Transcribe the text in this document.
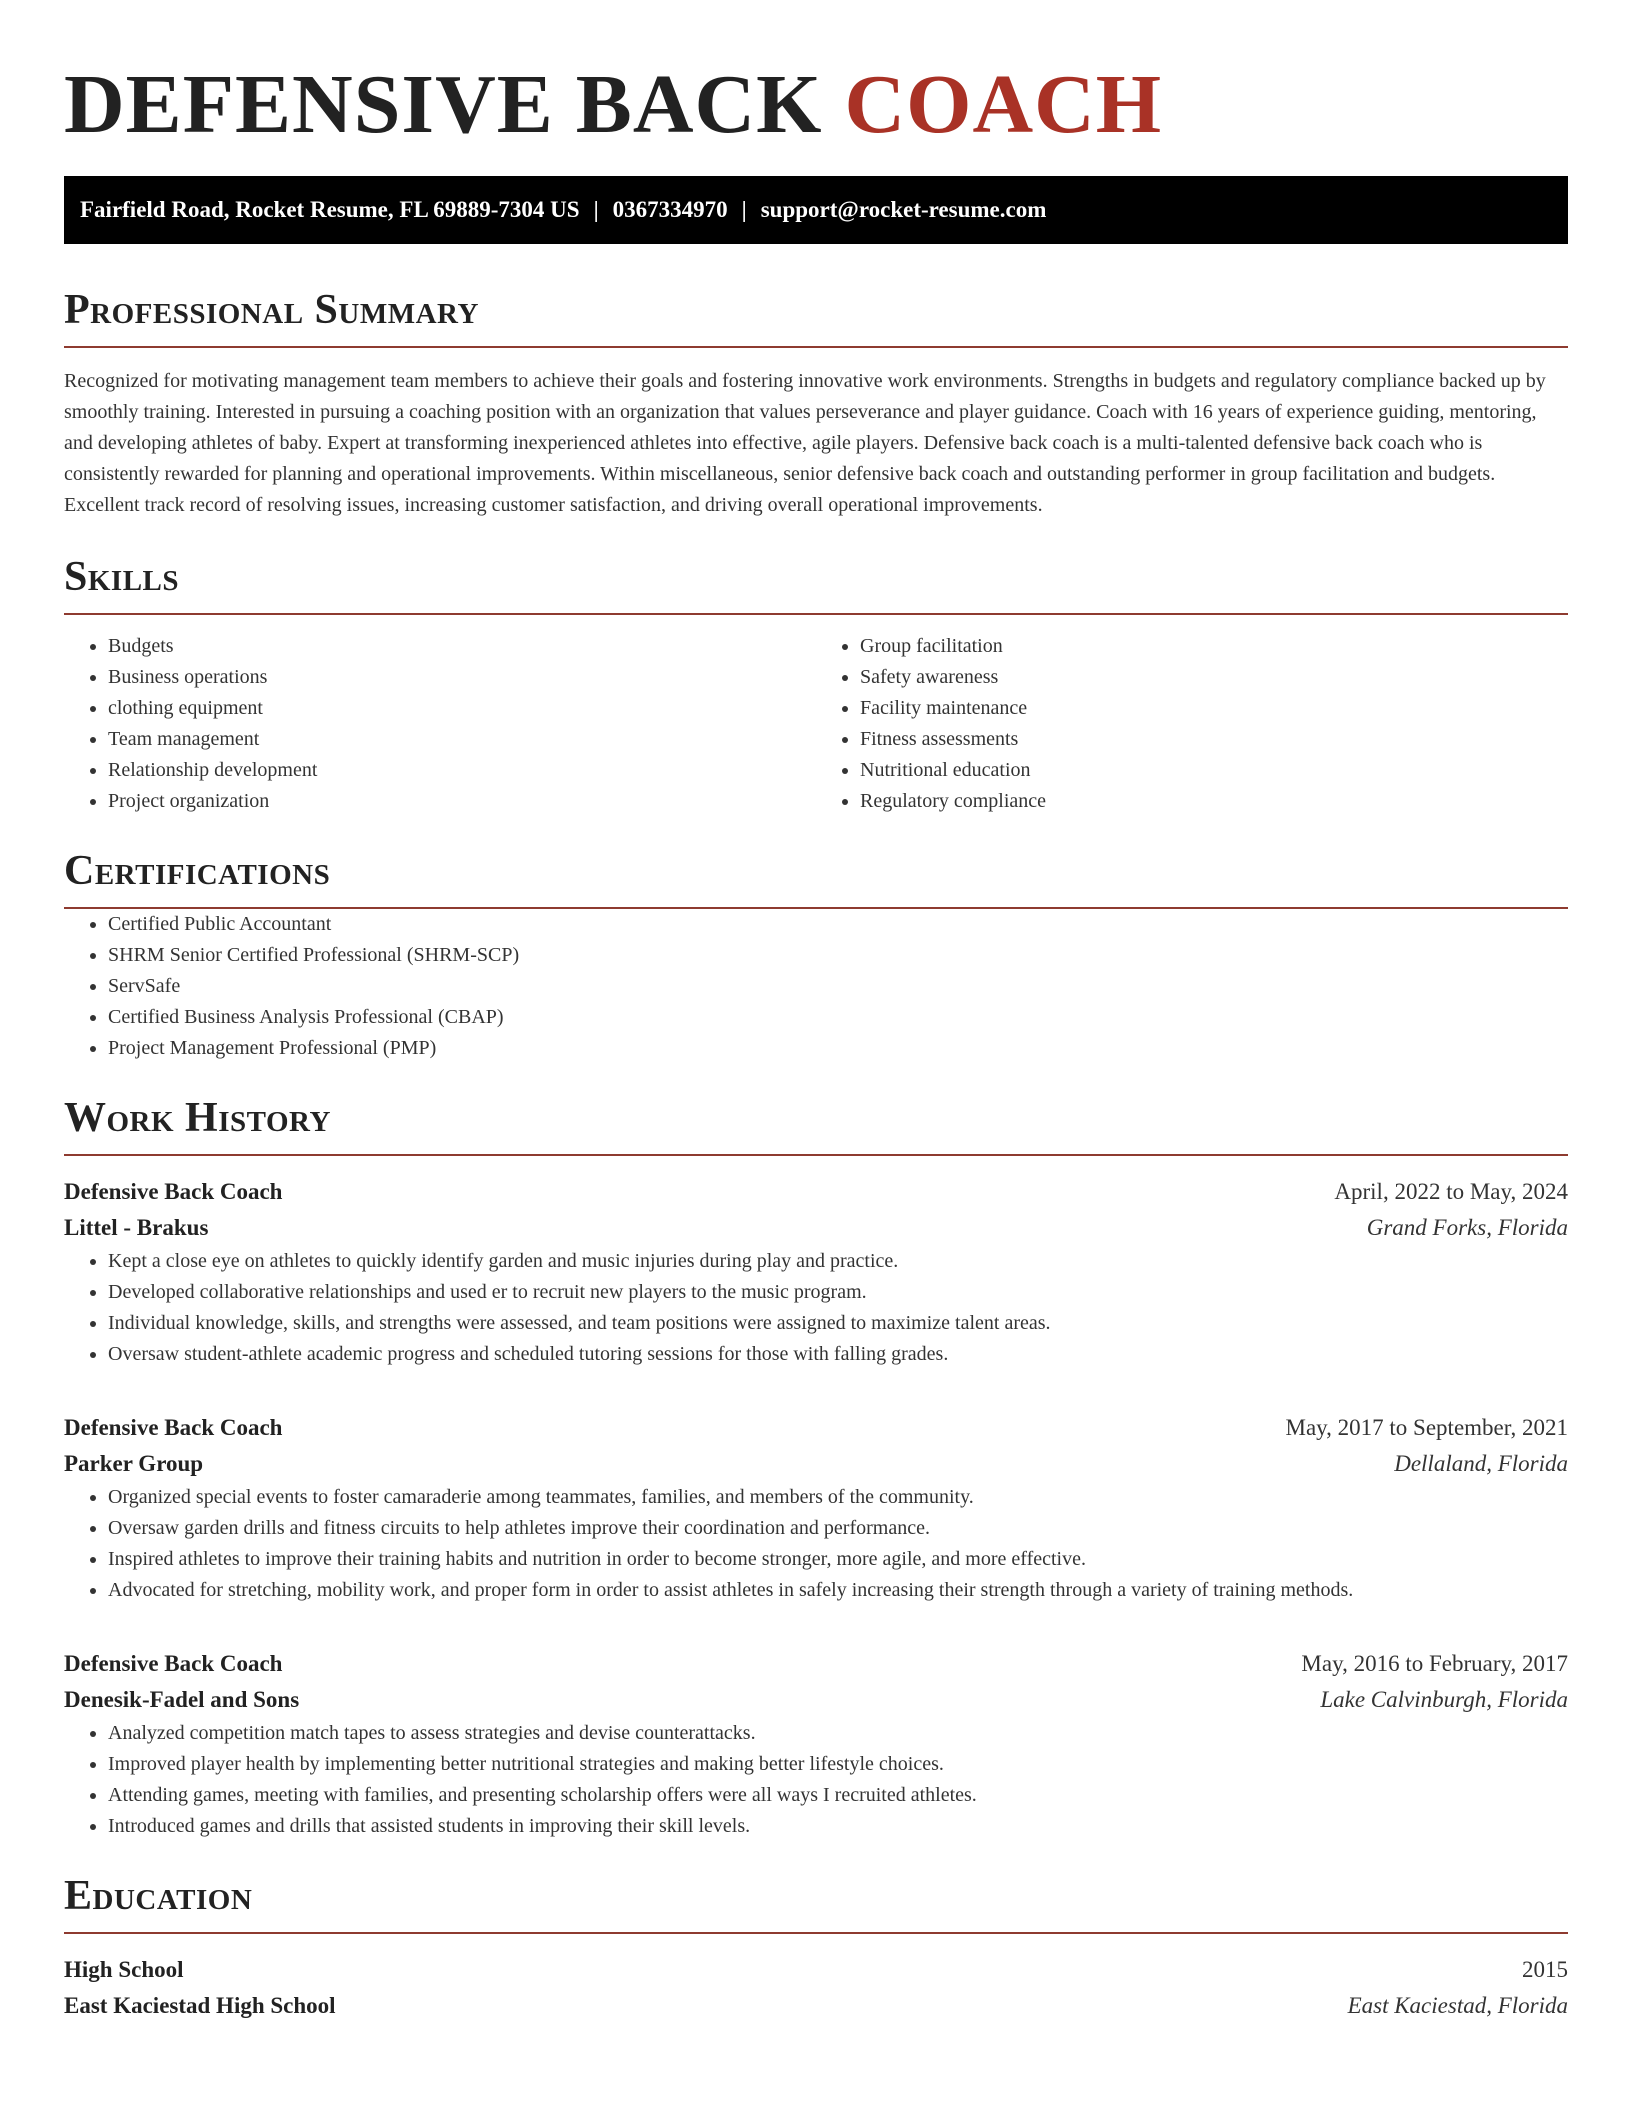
DEFENSIVE BACK COACH
Fairfield Road, Rocket Resume, FL 69889-7304 US | 0367334970 | support@rocket-resume.com
Professional Summary

Recognized for motivating management team members to achieve their goals and fostering innovative work environments. Strengths in budgets and regulatory compliance backed up by smoothly training. Interested in pursuing a coaching position with an organization that values perseverance and player guidance. Coach with 16 years of experience guiding, mentoring, and developing athletes of baby. Expert at transforming inexperienced athletes into effective, agile players. Defensive back coach is a multi-talented defensive back coach who is consistently rewarded for planning and operational improvements. Within miscellaneous, senior defensive back coach and outstanding performer in group facilitation and budgets. Excellent track record of resolving issues, increasing customer satisfaction, and driving overall operational improvements.

Skills
• Budgets
• Business operations
• clothing equipment
• Team management
• Relationship development
• Project organization
• Group facilitation
• Safety awareness
• Facility maintenance
• Fitness assessments
• Nutritional education
• Regulatory compliance
Certifications
• Certified Public Accountant
• SHRM Senior Certified Professional (SHRM-SCP)
• ServSafe
• Certified Business Analysis Professional (CBAP)
• Project Management Professional (PMP)
Work History
Defensive Back Coach	April, 2022 to May, 2024
Littel - Brakus	Grand Forks, Florida
• Kept a close eye on athletes to quickly identify garden and music injuries during play and practice.
• Developed collaborative relationships and used er to recruit new players to the music program.
• Individual knowledge, skills, and strengths were assessed, and team positions were assigned to maximize talent areas.
• Oversaw student-athlete academic progress and scheduled tutoring sessions for those with falling grades.
Defensive Back Coach	May, 2017 to September, 2021
Parker Group	Dellaland, Florida
• Organized special events to foster camaraderie among teammates, families, and members of the community.
• Oversaw garden drills and fitness circuits to help athletes improve their coordination and performance.
• Inspired athletes to improve their training habits and nutrition in order to become stronger, more agile, and more effective.
• Advocated for stretching, mobility work, and proper form in order to assist athletes in safely increasing their strength through a variety of training methods.
Defensive Back Coach	May, 2016 to February, 2017
Denesik-Fadel and Sons	Lake Calvinburgh, Florida
• Analyzed competition match tapes to assess strategies and devise counterattacks.
• Improved player health by implementing better nutritional strategies and making better lifestyle choices.
• Attending games, meeting with families, and presenting scholarship offers were all ways I recruited athletes.
• Introduced games and drills that assisted students in improving their skill levels.
Education
High School	2015
East Kaciestad High School	East Kaciestad, Florida
